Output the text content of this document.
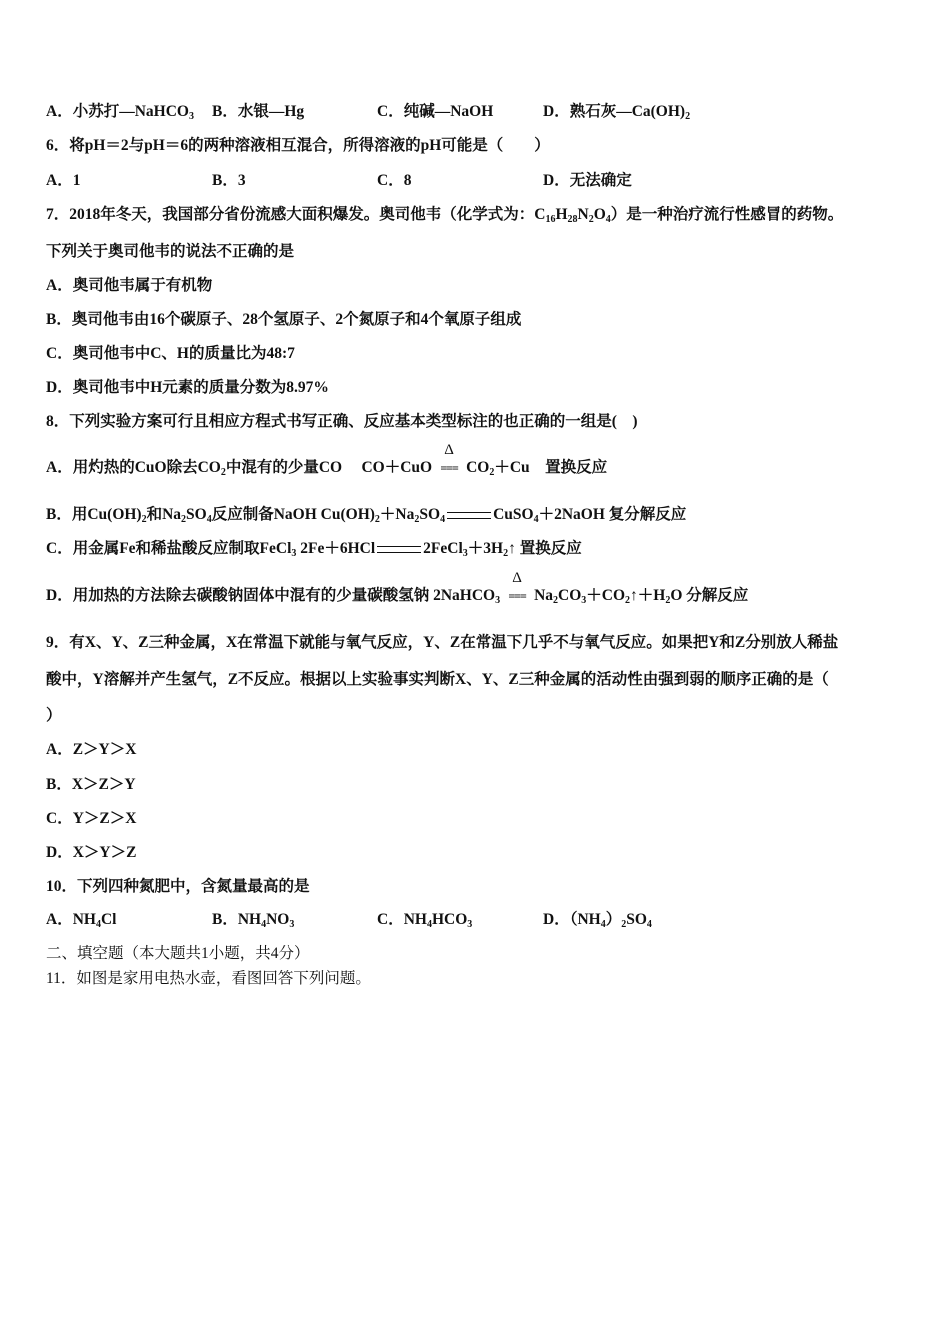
A．小苏打—NaHCO$_3$ B．水银—Hg	C．纯碱—NaOH	D．熟石灰$—Ca(OH)_2$
6．将pH＝2与pH＝6的两种溶液相互混合，所得溶液的pH可能是（　　）
A．1	B．3	C．8	D．无法确定
7．2018年冬天，我国部分省份流感大面积爆发。奥司他韦（化学式为：$C_{16}H_{28}N_2O_4$）是一种治疗流行性感冒的药物。
下列关于奥司他韦的说法不正确的是
A．奥司他韦属于有机物
B．奥司他韦由16个碳原子、28个氢原子、2个氮原子和4个氧原子组成
C．奥司他韦中C、H的质量比为48:7
D．奥司他韦中H元素的质量分数为8.97%
8．下列实验方案可行且相应方程式书写正确、反应基本类型标注的也正确的一组是(　)
A．用灼热的CuO除去$CO_2$中混有的少量CO　 CO＋CuO
Δ
=== $CO_2+Cu$　置换反应
B．用$Cu(OH)_2$和$Na_2SO_4$反应制备NaOH $Cu(OH)_2+Na_2SO_4$	CuSO$_4$＋2NaOH 复分解反应
C．用金属Fe和稀盐酸反应制取FeCl$_3$ 2Fe＋6HCl	$2FeCl_3+3H_2↑$ 置换反应
D．用加热的方法除去碳酸钠固体中混有的少量碳酸氢钠 2NaHCO$_3$
Δ
=== $Na_2CO_3+CO_2↑+H_2O$ 分解反应
9．有X、Y、Z三种金属，X在常温下就能与氧气反应，Y、Z在常温下几乎不与氧气反应。如果把Y和Z分别放人稀盐
酸中，Y溶解并产生氢气，Z不反应。根据以上实验事实判断X、Y、Z三种金属的活动性由强到弱的顺序正确的是（
）
A．Z＞Y＞X
B．X＞Z＞Y
C．Y＞Z＞X
D．X＞Y＞Z
10．下列四种氮肥中，含氮量最高的是
A．$NH_4Cl$	B．$NH_4NO_3$	C．$NH_4HCO_3$	D．$(NH_4)_2SO_4$
二、填空题（本大题共1小题，共4分）
11．如图是家用电热水壶，看图回答下列问题。
